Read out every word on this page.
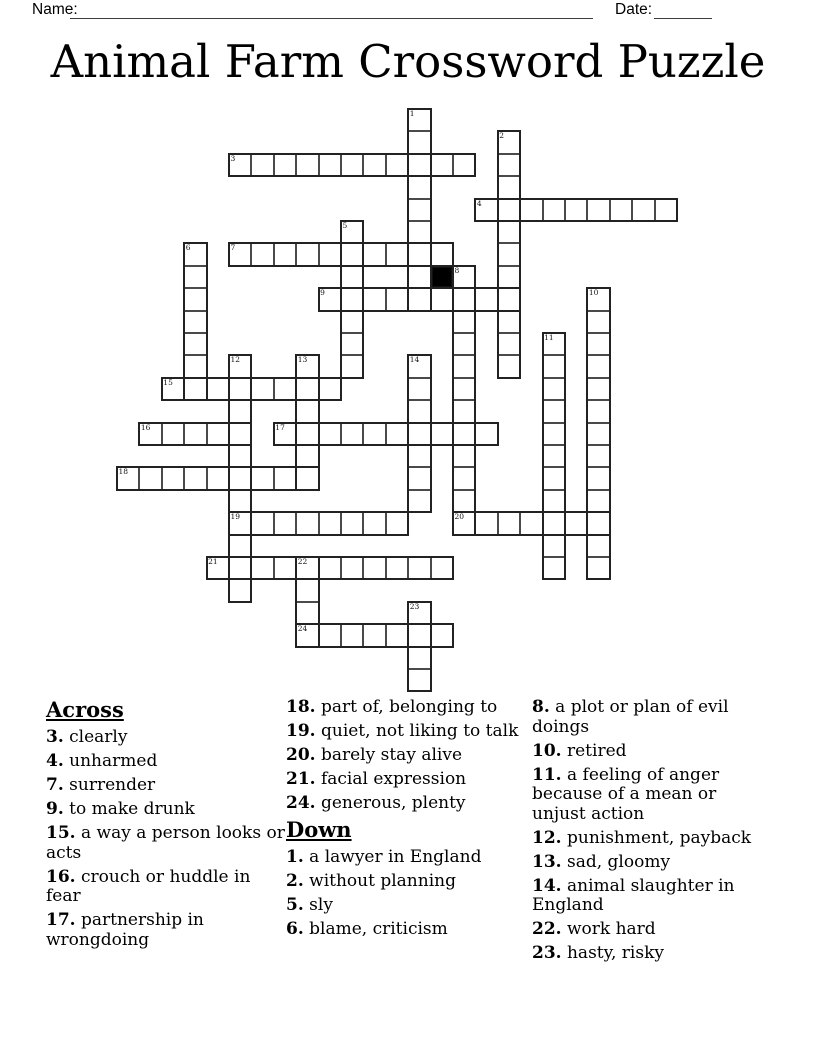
Name:	Date:
Animal Farm Crossword Puzzle
3
4
7
9
15
16	17
18
19	20
21
24
1
2
5
6
8
10
11
12	13	14
22
23
Across
3. clearly
4. unharmed
7. surrender
9. to make drunk
15. a way a person looks or acts
16. crouch or huddle in fear
17. partnership in wrongdoing
18. part of, belonging to
19. quiet, not liking to talk
20. barely stay alive
21. facial expression
24. generous, plenty
Down
1. a lawyer in England
2. without planning
5. sly
6. blame, criticism
8. a plot or plan of evil doings
10. retired
11. a feeling of anger because of a mean or unjust action
12. punishment, payback
13. sad, gloomy
14. animal slaughter in England
22. work hard
23. hasty, risky
